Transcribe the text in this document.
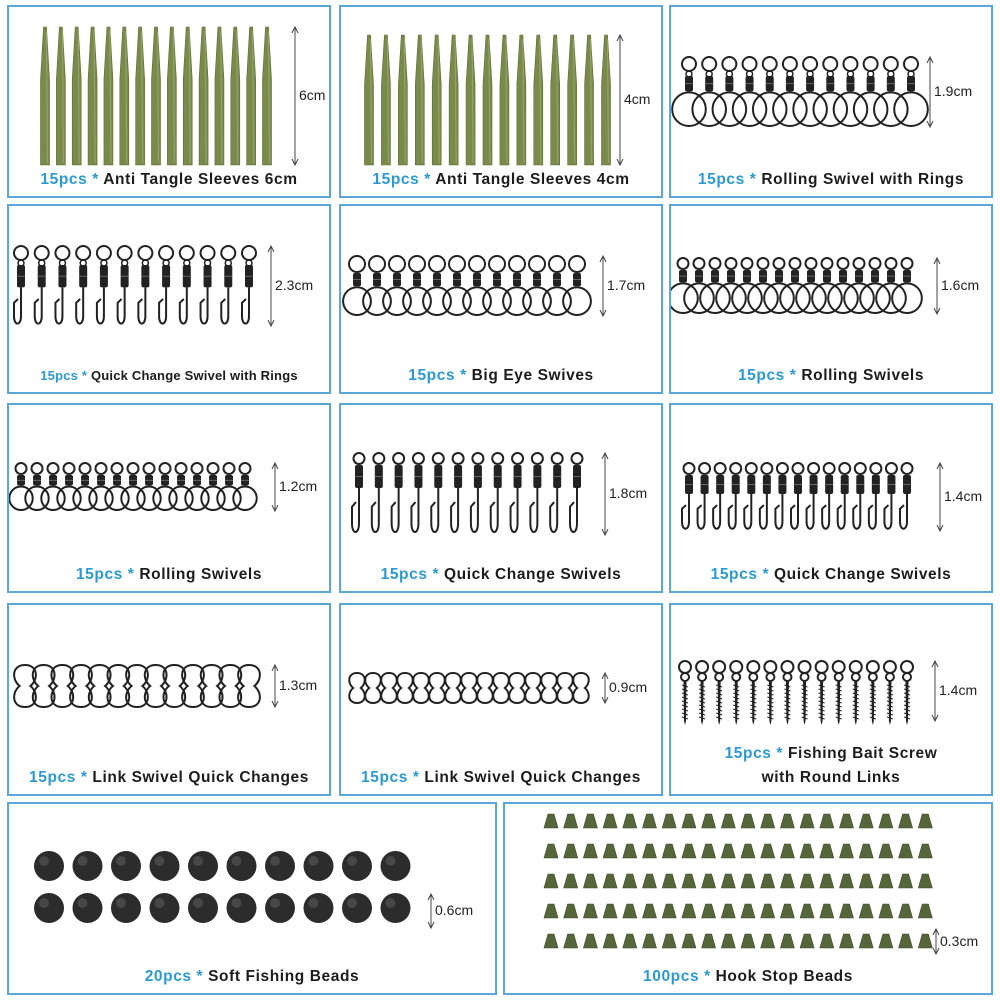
6cm
15pcs * Anti Tangle Sleeves 6cm
4cm
15pcs * Anti Tangle Sleeves 4cm
1.9cm
15pcs * Rolling Swivel with Rings
2.3cm
15pcs * Quick Change Swivel with Rings
1.7cm
15pcs * Big Eye Swives
1.6cm
15pcs * Rolling Swivels
1.2cm
15pcs * Rolling Swivels
1.8cm
15pcs * Quick Change Swivels
1.4cm
15pcs * Quick Change Swivels
1.3cm
15pcs * Link Swivel Quick Changes
0.9cm
15pcs * Link Swivel Quick Changes
1.4cm
15pcs * Fishing Bait Screw
with Round Links
0.6cm
20pcs * Soft Fishing Beads
0.3cm
100pcs * Hook Stop Beads
